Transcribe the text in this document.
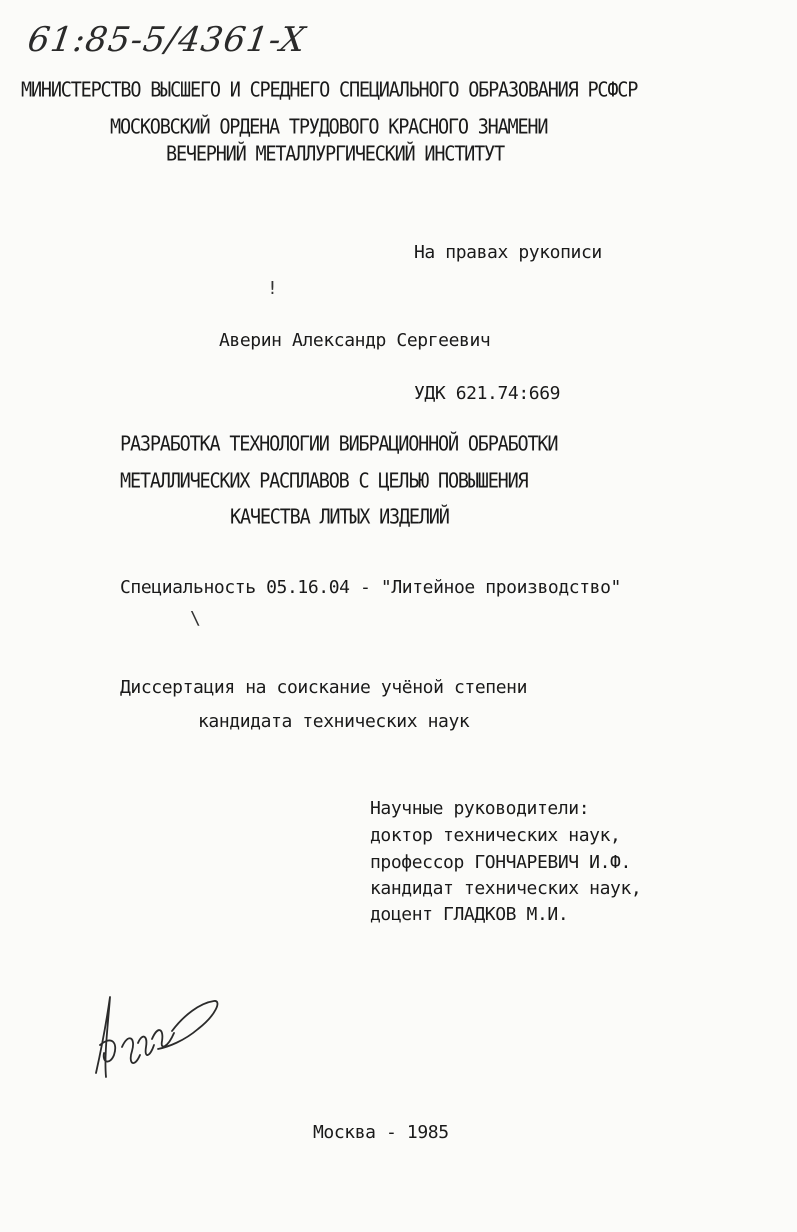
61:85-5/4361-X
МИНИСТЕРСТВО ВЫСШЕГО И СРЕДНЕГО СПЕЦИАЛЬНОГО ОБРАЗОВАНИЯ РСФСР
МОСКОВСКИЙ ОРДЕНА ТРУДОВОГО КРАСНОГО ЗНАМЕНИ
ВЕЧЕРНИЙ МЕТАЛЛУРГИЧЕСКИЙ ИНСТИТУТ
На правах рукописи
!
Аверин Александр Сергеевич
УДК 621.74:669
РАЗРАБОТКА ТЕХНОЛОГИИ ВИБРАЦИОННОЙ ОБРАБОТКИ
МЕТАЛЛИЧЕСКИХ РАСПЛАВОВ С ЦЕЛЬЮ ПОВЫШЕНИЯ
КАЧЕСТВА ЛИТЫХ ИЗДЕЛИЙ
Специальность 05.16.04 - "Литейное производство"
\
Диссертация на соискание учёной степени
кандидата технических наук
Научные руководители:
доктор технических наук,
профессор ГОНЧАРЕВИЧ И.Ф.
кандидат технических наук,
доцент ГЛАДКОВ М.И.
Москва - 1985
